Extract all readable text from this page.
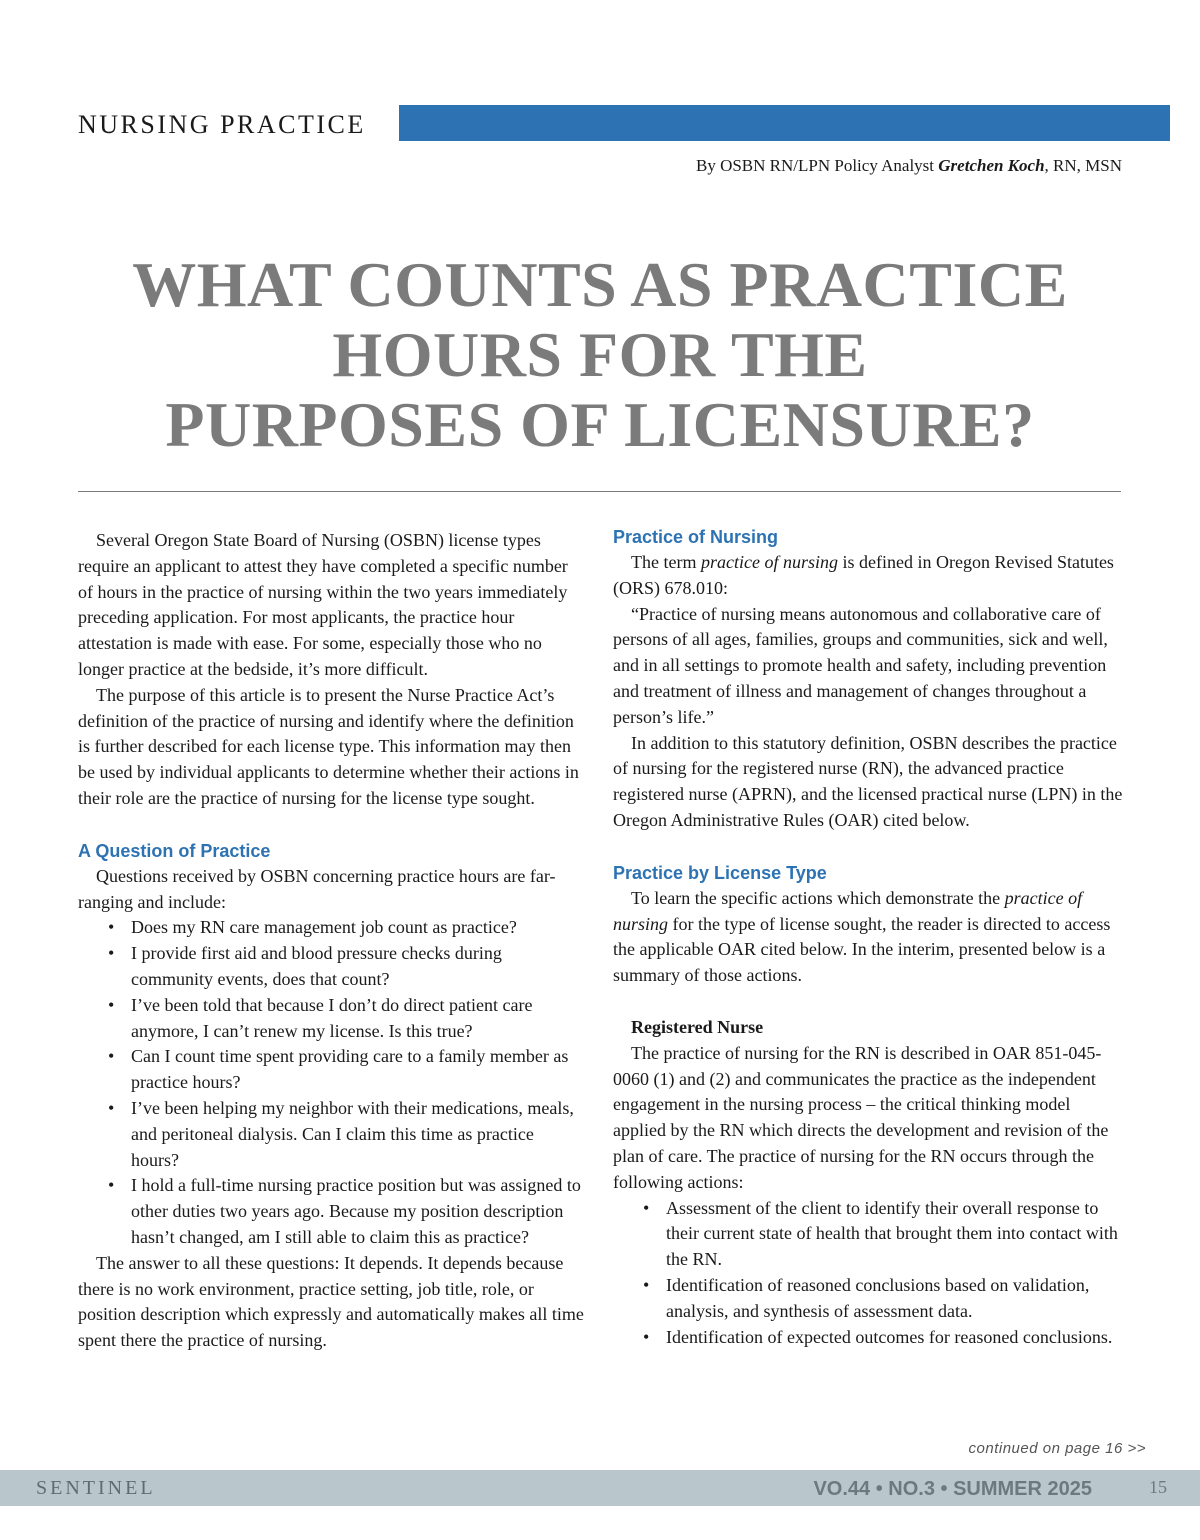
NURSING PRACTICE
By OSBN RN/LPN Policy Analyst Gretchen Koch, RN, MSN
WHAT COUNTS AS PRACTICE
HOURS FOR THE
PURPOSES OF LICENSURE?

Several Oregon State Board of Nursing (OSBN) license types require an applicant to attest they have completed a specific number of hours in the practice of nursing within the two years immediately preceding application. For most applicants, the practice hour attestation is made with ease. For some, especially those who no longer practice at the bedside, it’s more difficult.

The purpose of this article is to present the Nurse Practice Act’s definition of the practice of nursing and identify where the definition is further described for each license type. This information may then be used by individual applicants to determine whether their actions in their role are the practice of nursing for the license type sought.

A Question of Practice

Questions received by OSBN concerning practice hours are far-ranging and include:

• Does my RN care management job count as practice?
• I provide first aid and blood pressure checks during community events, does that count?
• I’ve been told that because I don’t do direct patient care anymore, I can’t renew my license. Is this true?
• Can I count time spent providing care to a family member as practice hours?
• I’ve been helping my neighbor with their medications, meals, and peritoneal dialysis. Can I claim this time as practice hours?
• I hold a full-time nursing practice position but was assigned to other duties two years ago. Because my position description hasn’t changed, am I still able to claim this as practice?

The answer to all these questions: It depends. It depends because there is no work environment, practice setting, job title, role, or position description which expressly and automatically makes all time spent there the practice of nursing.

Practice of Nursing

The term practice of nursing is defined in Oregon Revised Statutes (ORS) 678.010:

“Practice of nursing means autonomous and collaborative care of persons of all ages, families, groups and communities, sick and well, and in all settings to promote health and safety, including prevention and treatment of illness and management of changes throughout a person’s life.”

In addition to this statutory definition, OSBN describes the practice of nursing for the registered nurse (RN), the advanced practice registered nurse (APRN), and the licensed practical nurse (LPN) in the Oregon Administrative Rules (OAR) cited below.

Practice by License Type

To learn the specific actions which demonstrate the practice of nursing for the type of license sought, the reader is directed to access the applicable OAR cited below. In the interim, presented below is a summary of those actions.

Registered Nurse

The practice of nursing for the RN is described in OAR 851-045-0060 (1) and (2) and communicates the practice as the independent engagement in the nursing process – the critical thinking model applied by the RN which directs the development and revision of the plan of care. The practice of nursing for the RN occurs through the following actions:

• Assessment of the client to identify their overall response to their current state of health that brought them into contact with the RN.
• Identification of reasoned conclusions based on validation, analysis, and synthesis of assessment data.
• Identification of expected outcomes for reasoned conclusions.
continued on page 16 >>
SENTINEL	VO.44 • NO.3 • SUMMER 2025	15
